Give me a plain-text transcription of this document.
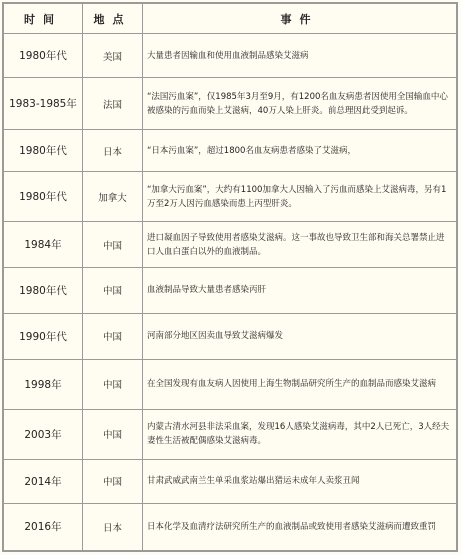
时间	地点	事件
1980年代	美国	大量患者因输血和使用血液制品感染艾滋病
1983-1985年	法国	“法国污血案”，仅1985年3月至9月，有1200名血友病患者因使用全国输血中心被感染的污血而染上艾滋病，40万人染上肝炎。前总理因此受到起诉。
1980年代	日本	“日本污血案”，超过1800名血友病患者感染了艾滋病，
1980年代	加拿大	“加拿大污血案”，大约有1100加拿大人因输入了污血而感染上艾滋病毒，另有1万至2万人因污血感染而患上丙型肝炎。
1984年	中国	进口凝血因子导致使用者感染艾滋病。这一事故也导致卫生部和海关总署禁止进口人血白蛋白以外的血液制品。
1980年代	中国	血液制品导致大量患者感染丙肝
1990年代	中国	河南部分地区因卖血导致艾滋病爆发
1998年	中国	在全国发现有血友病人因使用上海生物制品研究所生产的血制品而感染艾滋病
2003年	中国	内蒙古清水河县非法采血案，发现16人感染艾滋病毒，其中2人已死亡，3人经夫妻性生活被配偶感染艾滋病毒。
2014年	中国	甘肃武威武南兰生单采血浆站爆出猎运未成年人卖浆丑闻
2016年	日本	日本化学及血清疗法研究所生产的血液制品或致使用者感染艾滋病而遭致重罚
